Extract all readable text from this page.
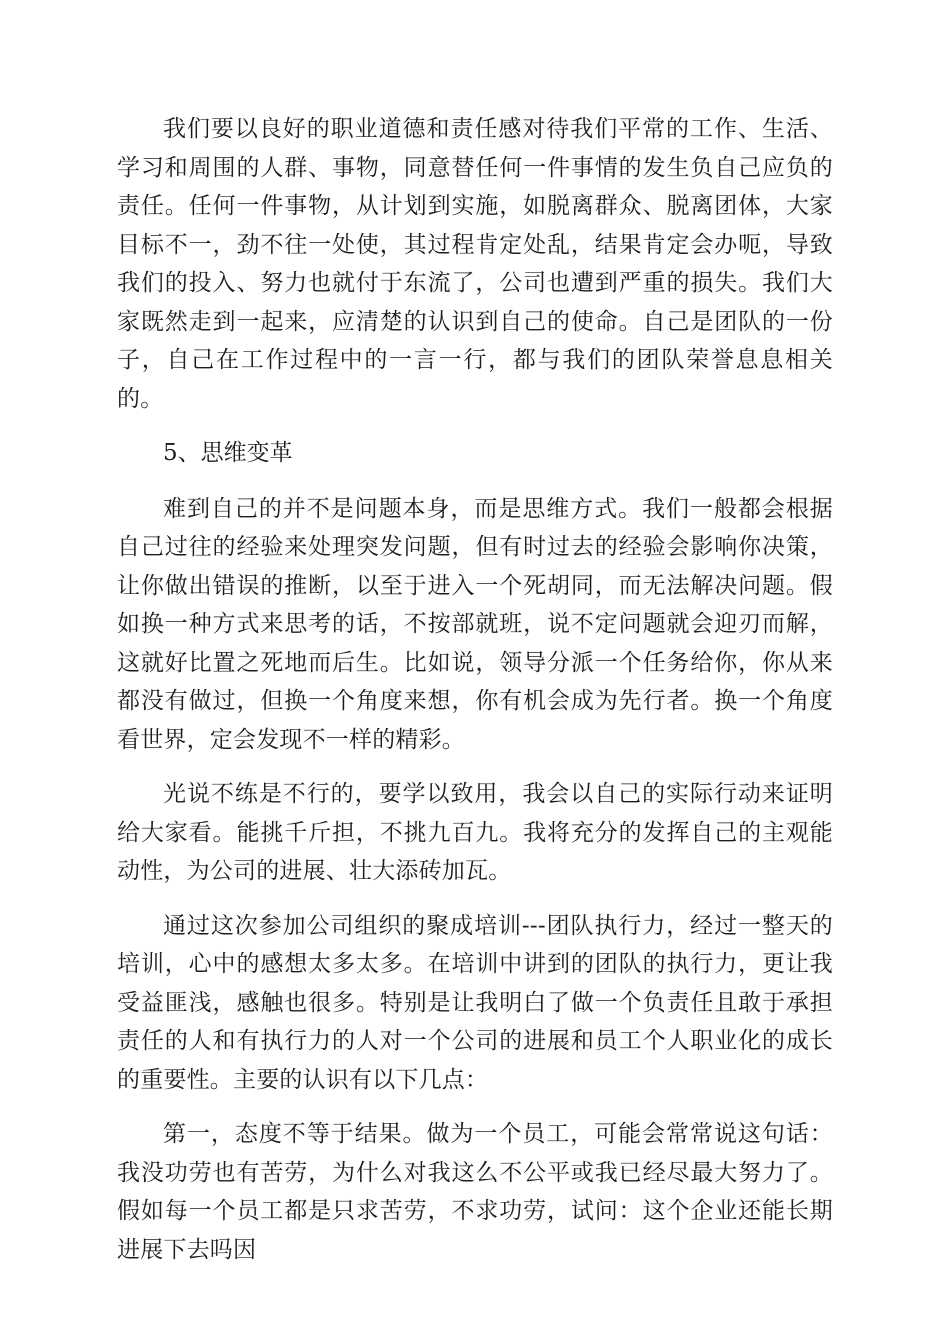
我们要以良好的职业道德和责任感对待我们平常的工作、生活、学习和周围的人群、事物，同意替任何一件事情的发生负自己应负的责任。任何一件事物，从计划到实施，如脱离群众、脱离团体，大家目标不一，劲不往一处使，其过程肯定处乱，结果肯定会办呃，导致我们的投入、努力也就付于东流了，公司也遭到严重的损失。我们大家既然走到一起来，应清楚的认识到自己的使命。自己是团队的一份子，自己在工作过程中的一言一行，都与我们的团队荣誉息息相关的。

5、思维变革

难到自己的并不是问题本身，而是思维方式。我们一般都会根据自己过往的经验来处理突发问题，但有时过去的经验会影响你决策，让你做出错误的推断，以至于进入一个死胡同，而无法解决问题。假如换一种方式来思考的话，不按部就班，说不定问题就会迎刃而解，这就好比置之死地而后生。比如说，领导分派一个任务给你，你从来都没有做过，但换一个角度来想，你有机会成为先行者。换一个角度看世界，定会发现不一样的精彩。

光说不练是不行的，要学以致用，我会以自己的实际行动来证明给大家看。能挑千斤担，不挑九百九。我将充分的发挥自己的主观能动性，为公司的进展、壮大添砖加瓦。

通过这次参加公司组织的聚成培训---团队执行力，经过一整天的培训，心中的感想太多太多。在培训中讲到的团队的执行力，更让我受益匪浅，感触也很多。特别是让我明白了做一个负责任且敢于承担责任的人和有执行力的人对一个公司的进展和员工个人职业化的成长的重要性。主要的认识有以下几点：

第一，态度不等于结果。做为一个员工，可能会常常说这句话：我没功劳也有苦劳，为什么对我这么不公平或我已经尽最大努力了。假如每一个员工都是只求苦劳，不求功劳，试问：这个企业还能长期进展下去吗因
